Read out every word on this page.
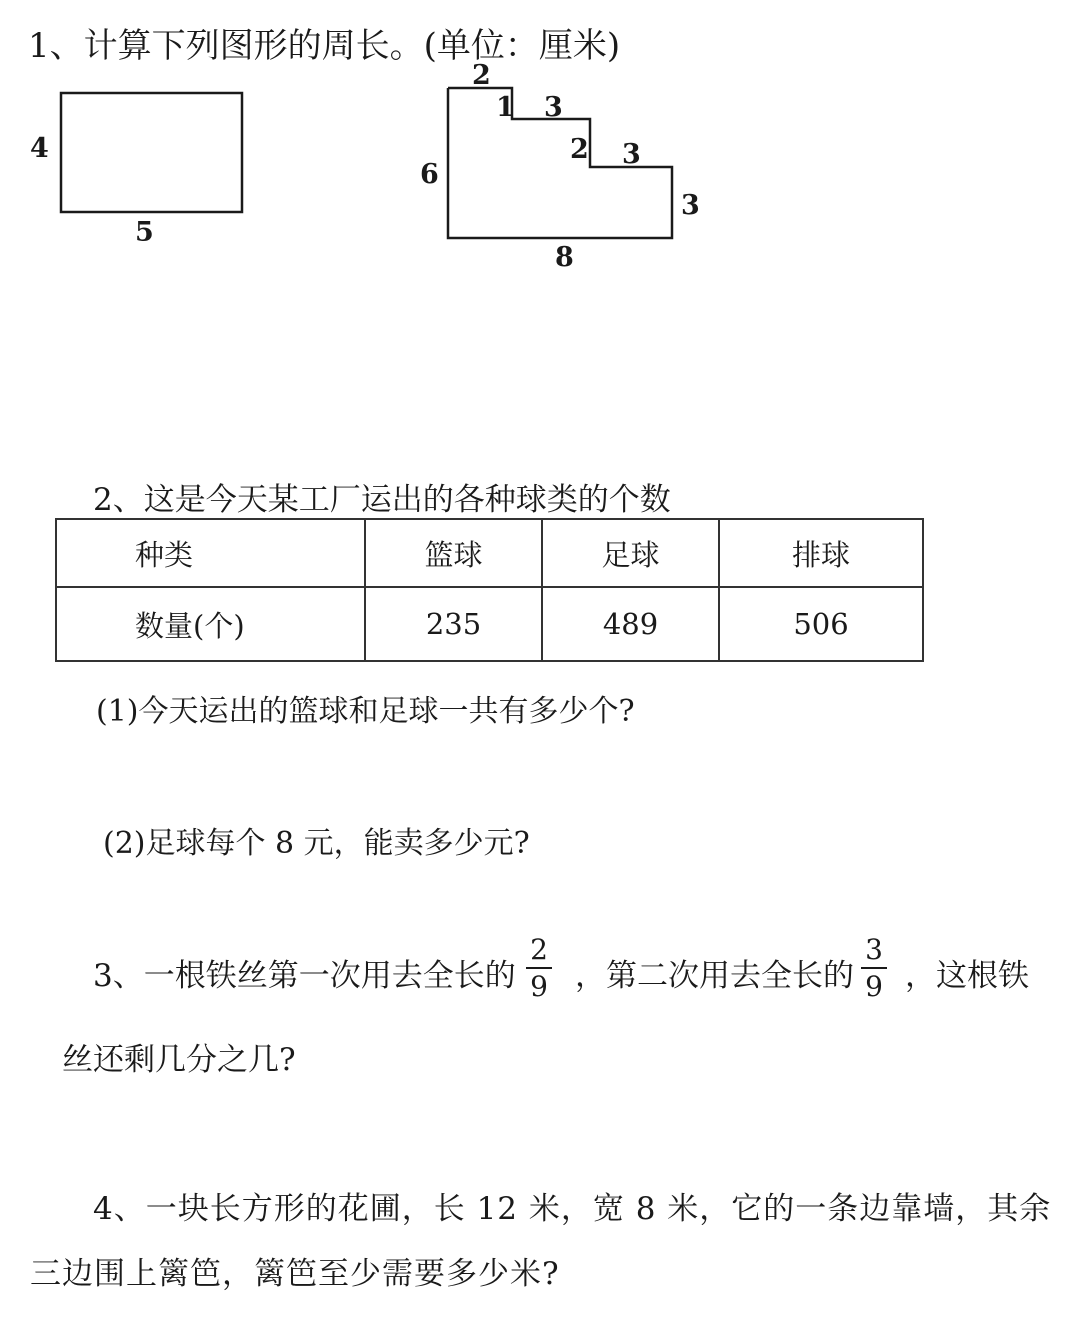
1、计算下列图形的周长。(单位：厘米)
4
5
2
1 3
2 3
3
6
8
2、这是今天某工厂运出的各种球类的个数
种类	篮球	足球	排球
数量(个)	235	489	506
(1)今天运出的篮球和足球一共有多少个?
(2)足球每个 8 元，能卖多少元?
3、一根铁丝第一次用去全长的
2
9 ，第二次用去全长的
3
9 ，这根铁
丝还剩几分之几?
4、一块长方形的花圃，长 12 米，宽 8 米，它的一条边靠墙，其余
三边围上篱笆，篱笆至少需要多少米?
